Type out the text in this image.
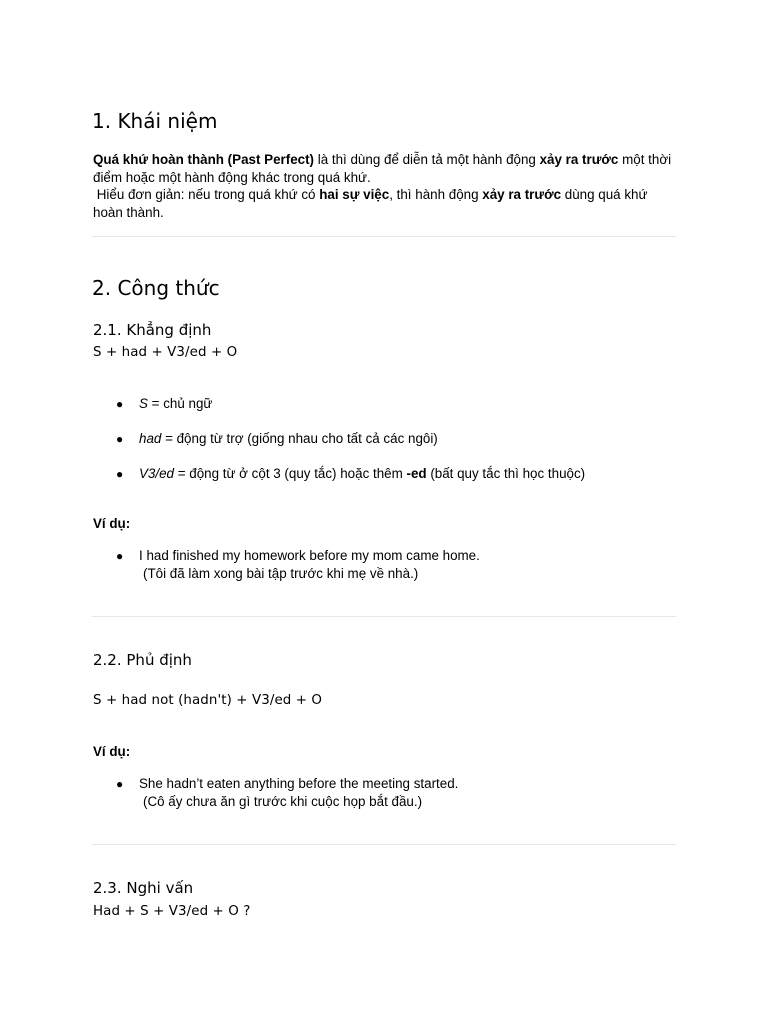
1. Khái niệm
Quá khứ hoàn thành (Past Perfect) là thì dùng để diễn tả một hành động xảy ra trước một thời điểm hoặc một hành động khác trong quá khứ.
Hiểu đơn giản: nếu trong quá khứ có hai sự việc, thì hành động xảy ra trước dùng quá khứ hoàn thành.
2. Công thức
2.1. Khẳng định
S + had + V3/ed + O
● S = chủ ngữ
● had = động từ trợ (giống nhau cho tất cả các ngôi)
● V3/ed = động từ ở cột 3 (quy tắc) hoặc thêm -ed (bất quy tắc thì học thuộc)
Ví dụ:
● I had finished my homework before my mom came home.
(Tôi đã làm xong bài tập trước khi mẹ về nhà.)
2.2. Phủ định
S + had not (hadn't) + V3/ed + O
Ví dụ:
● She hadn’t eaten anything before the meeting started.
(Cô ấy chưa ăn gì trước khi cuộc họp bắt đầu.)
2.3. Nghi vấn
Had + S + V3/ed + O ?
